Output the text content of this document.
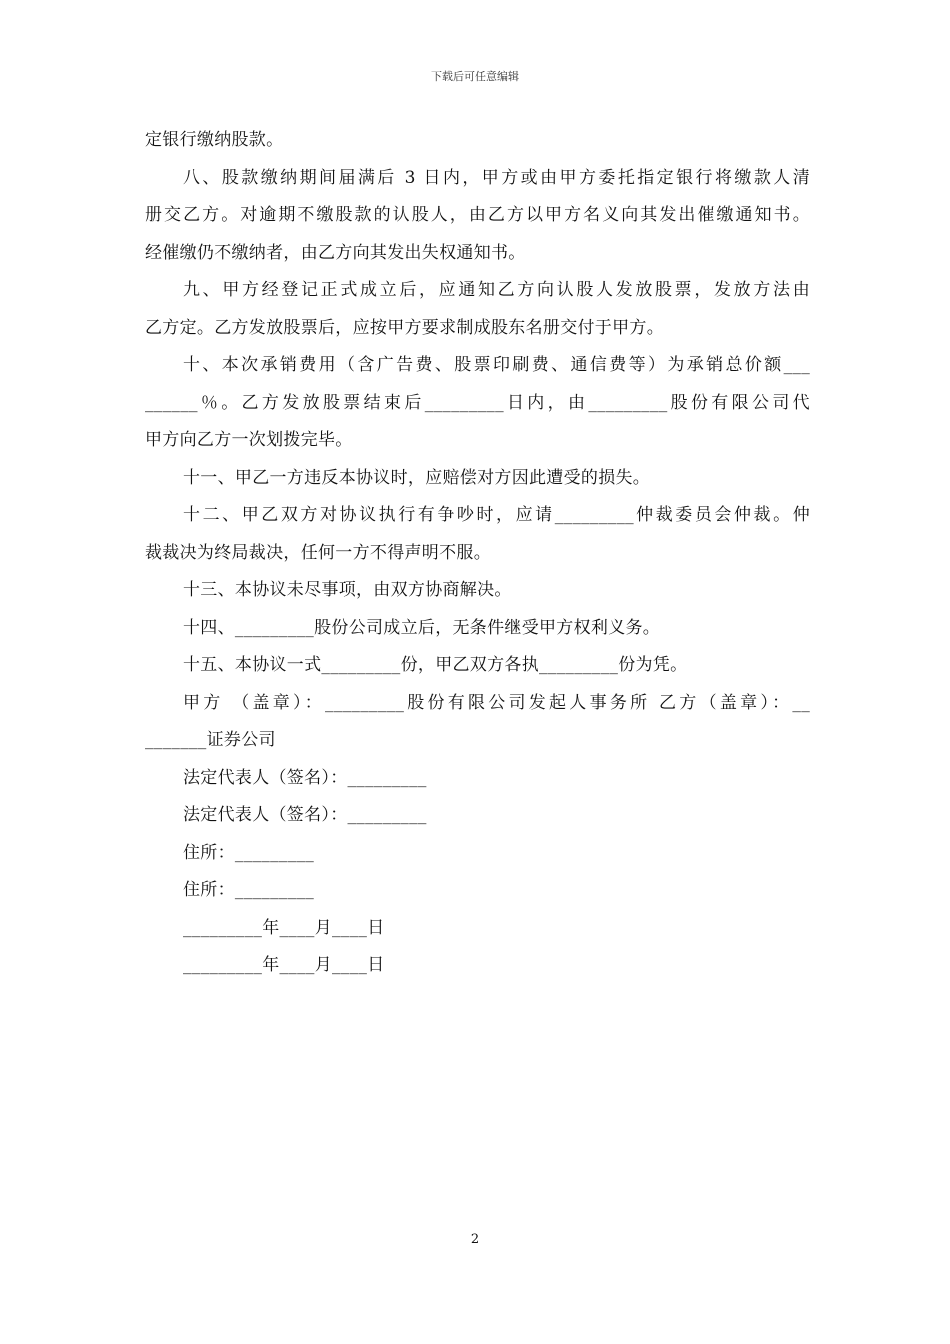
下载后可任意编辑
定银行缴纳股款。
八、股款缴纳期间届满后 3 日内，甲方或由甲方委托指定银行将缴款人清
册交乙方。对逾期不缴股款的认股人，由乙方以甲方名义向其发出催缴通知书。
经催缴仍不缴纳者，由乙方向其发出失权通知书。
九、甲方经登记正式成立后，应通知乙方向认股人发放股票，发放方法由
乙方定。乙方发放股票后，应按甲方要求制成股东名册交付于甲方。
十、本次承销费用（含广告费、股票印刷费、通信费等）为承销总价额___
______％。乙方发放股票结束后_________日内，由_________股份有限公司代
甲方向乙方一次划拨完毕。
十一、甲乙一方违反本协议时，应赔偿对方因此遭受的损失。
十二、甲乙双方对协议执行有争吵时，应请_________仲裁委员会仲裁。仲
裁裁决为终局裁决，任何一方不得声明不服。
十三、本协议未尽事项，由双方协商解决。
十四、_________股份公司成立后，无条件继受甲方权利义务。
十五、本协议一式_________份，甲乙双方各执_________份为凭。
甲方 （盖章）：_________股份有限公司发起人事务所 乙方（盖章）：__
_______证券公司
法定代表人（签名）：_________
法定代表人（签名）：_________
住所：_________
住所：_________
_________年____月____日
_________年____月____日
2
